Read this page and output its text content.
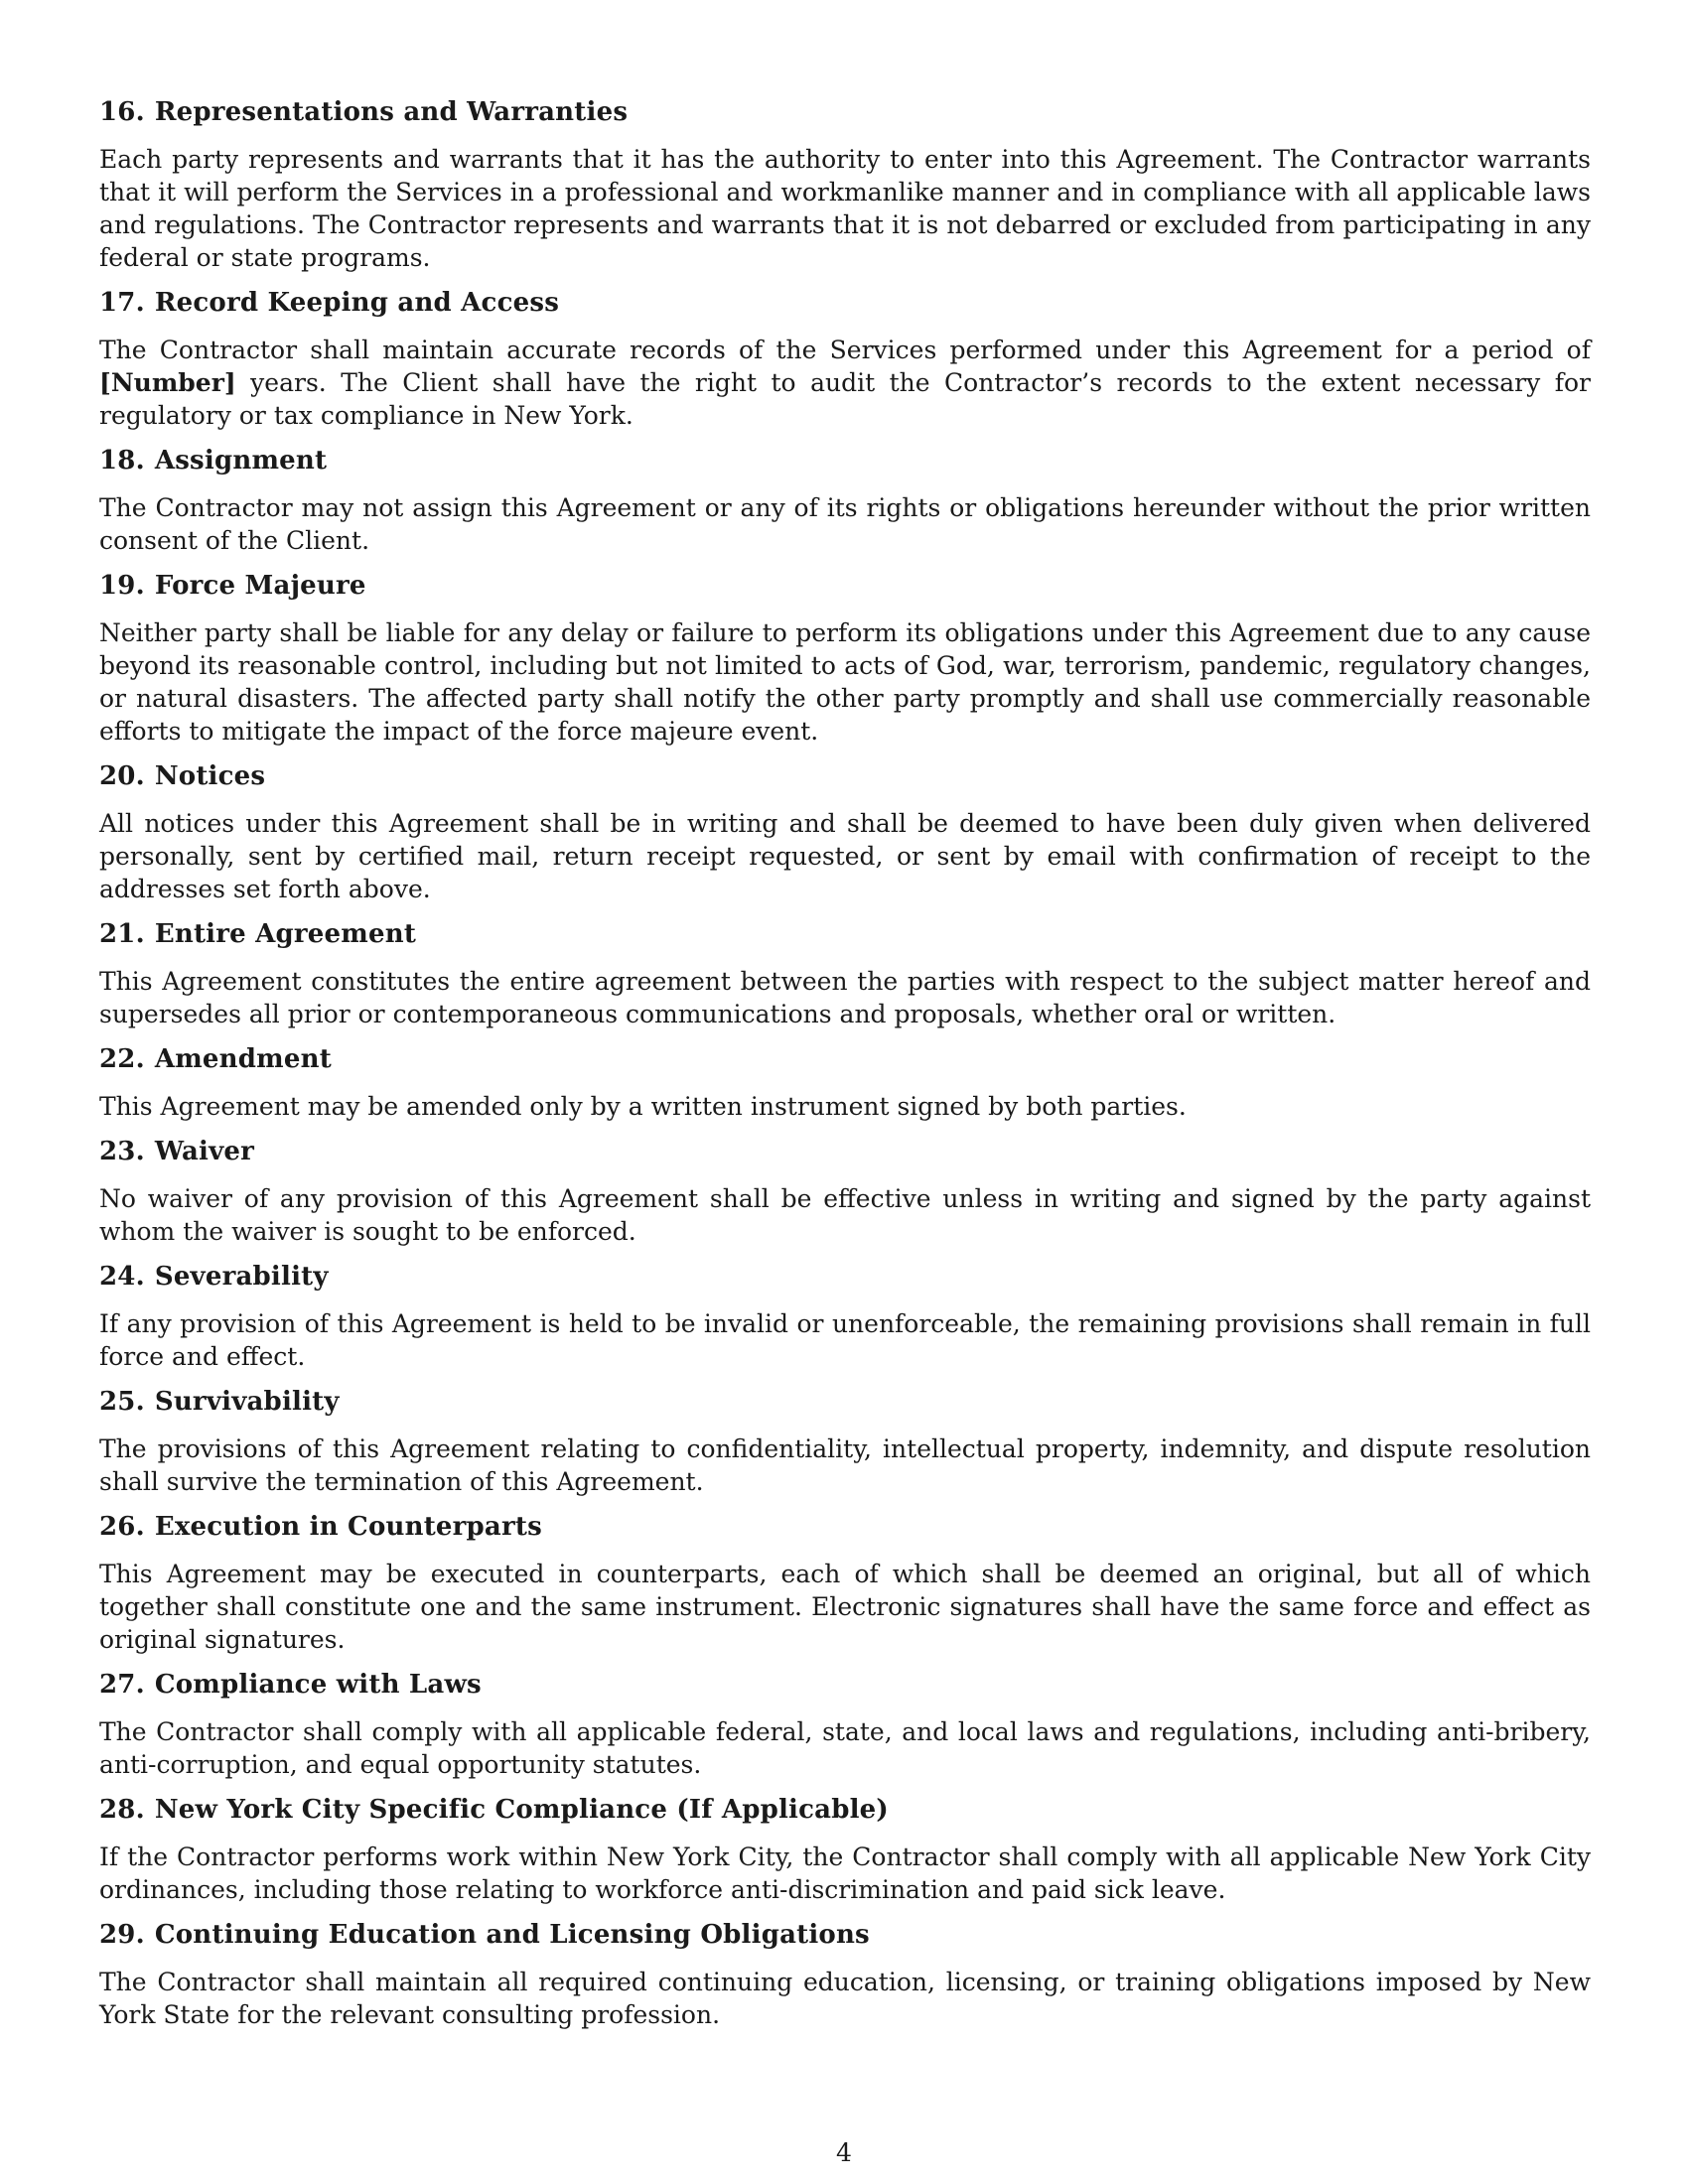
16. Representations and Warranties

Each party represents and warrants that it has the authority to enter into this Agreement. The Contractor warrants that it will perform the Services in a professional and workmanlike manner and in compliance with all applicable laws and regulations. The Contractor represents and warrants that it is not debarred or excluded from participating in any federal or state programs.

17. Record Keeping and Access

The Contractor shall maintain accurate records of the Services performed under this Agreement for a period of [Number] years. The Client shall have the right to audit the Contractor’s records to the extent necessary for regulatory or tax compliance in New York.

18. Assignment

The Contractor may not assign this Agreement or any of its rights or obligations hereunder without the prior written consent of the Client.

19. Force Majeure

Neither party shall be liable for any delay or failure to perform its obligations under this Agreement due to any cause beyond its reasonable control, including but not limited to acts of God, war, terrorism, pandemic, regulatory changes, or natural disasters. The affected party shall notify the other party promptly and shall use commercially reasonable efforts to mitigate the impact of the force majeure event.

20. Notices

All notices under this Agreement shall be in writing and shall be deemed to have been duly given when delivered personally, sent by certified mail, return receipt requested, or sent by email with confirmation of receipt to the addresses set forth above.

21. Entire Agreement

This Agreement constitutes the entire agreement between the parties with respect to the subject matter hereof and supersedes all prior or contemporaneous communications and proposals, whether oral or written.

22. Amendment

This Agreement may be amended only by a written instrument signed by both parties.

23. Waiver

No waiver of any provision of this Agreement shall be effective unless in writing and signed by the party against whom the waiver is sought to be enforced.

24. Severability

If any provision of this Agreement is held to be invalid or unenforceable, the remaining provisions shall remain in full force and effect.

25. Survivability

The provisions of this Agreement relating to confidentiality, intellectual property, indemnity, and dispute resolution shall survive the termination of this Agreement.

26. Execution in Counterparts

This Agreement may be executed in counterparts, each of which shall be deemed an original, but all of which together shall constitute one and the same instrument. Electronic signatures shall have the same force and effect as original signatures.

27. Compliance with Laws

The Contractor shall comply with all applicable federal, state, and local laws and regulations, including anti-bribery, anti-corruption, and equal opportunity statutes.

28. New York City Specific Compliance (If Applicable)

If the Contractor performs work within New York City, the Contractor shall comply with all applicable New York City ordinances, including those relating to workforce anti-discrimination and paid sick leave.

29. Continuing Education and Licensing Obligations

The Contractor shall maintain all required continuing education, licensing, or training obligations imposed by New York State for the relevant consulting profession.

4
